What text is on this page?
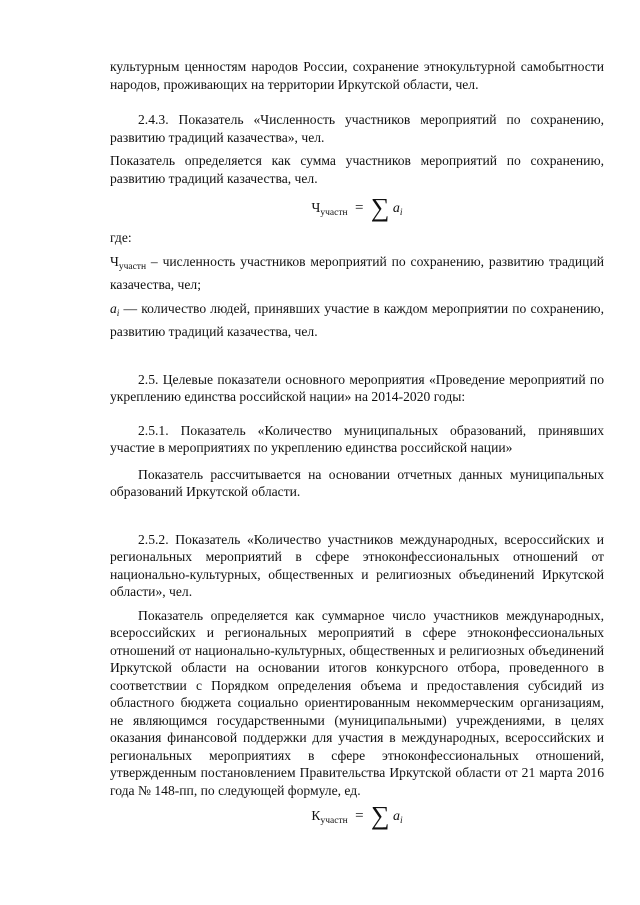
культурным ценностям народов России, сохранение этнокультурной самобытности народов, проживающих на территории Иркутской области, чел.

2.4.3. Показатель «Численность участников мероприятий по сохранению, развитию традиций казачества», чел.

Показатель определяется как сумма участников мероприятий по сохранению, развитию традиций казачества, чел.

$Ч_{участн}$ = ∑ $a_i$

где:

$Ч_{участн}$ – численность участников мероприятий по сохранению, развитию традиций казачества, чел;

$a_i$ — количество людей, принявших участие в каждом мероприятии по сохранению, развитию традиций казачества, чел.

2.5. Целевые показатели основного мероприятия «Проведение мероприятий по укреплению единства российской нации» на 2014-2020 годы:

2.5.1. Показатель «Количество муниципальных образований, принявших участие в мероприятиях по укреплению единства российской нации»

Показатель рассчитывается на основании отчетных данных муниципальных образований Иркутской области.

2.5.2. Показатель «Количество участников международных, всероссийских и региональных мероприятий в сфере этноконфессиональных отношений от национально-культурных, общественных и религиозных объединений Иркутской области», чел.

Показатель определяется как суммарное число участников международных, всероссийских и региональных мероприятий в сфере этноконфессиональных отношений от национально-культурных, общественных и религиозных объединений Иркутской области на основании итогов конкурсного отбора, проведенного в соответствии с Порядком определения объема и предоставления субсидий из областного бюджета социально ориентированным некоммерческим организациям, не являющимся государственными (муниципальными) учреждениями, в целях оказания финансовой поддержки для участия в международных, всероссийских и региональных мероприятиях в сфере этноконфессиональных отношений, утвержденным постановлением Правительства Иркутской области от 21 марта 2016 года № 148-пп, по следующей формуле, ед.

$К_{участн}$ = ∑ $a_i$
